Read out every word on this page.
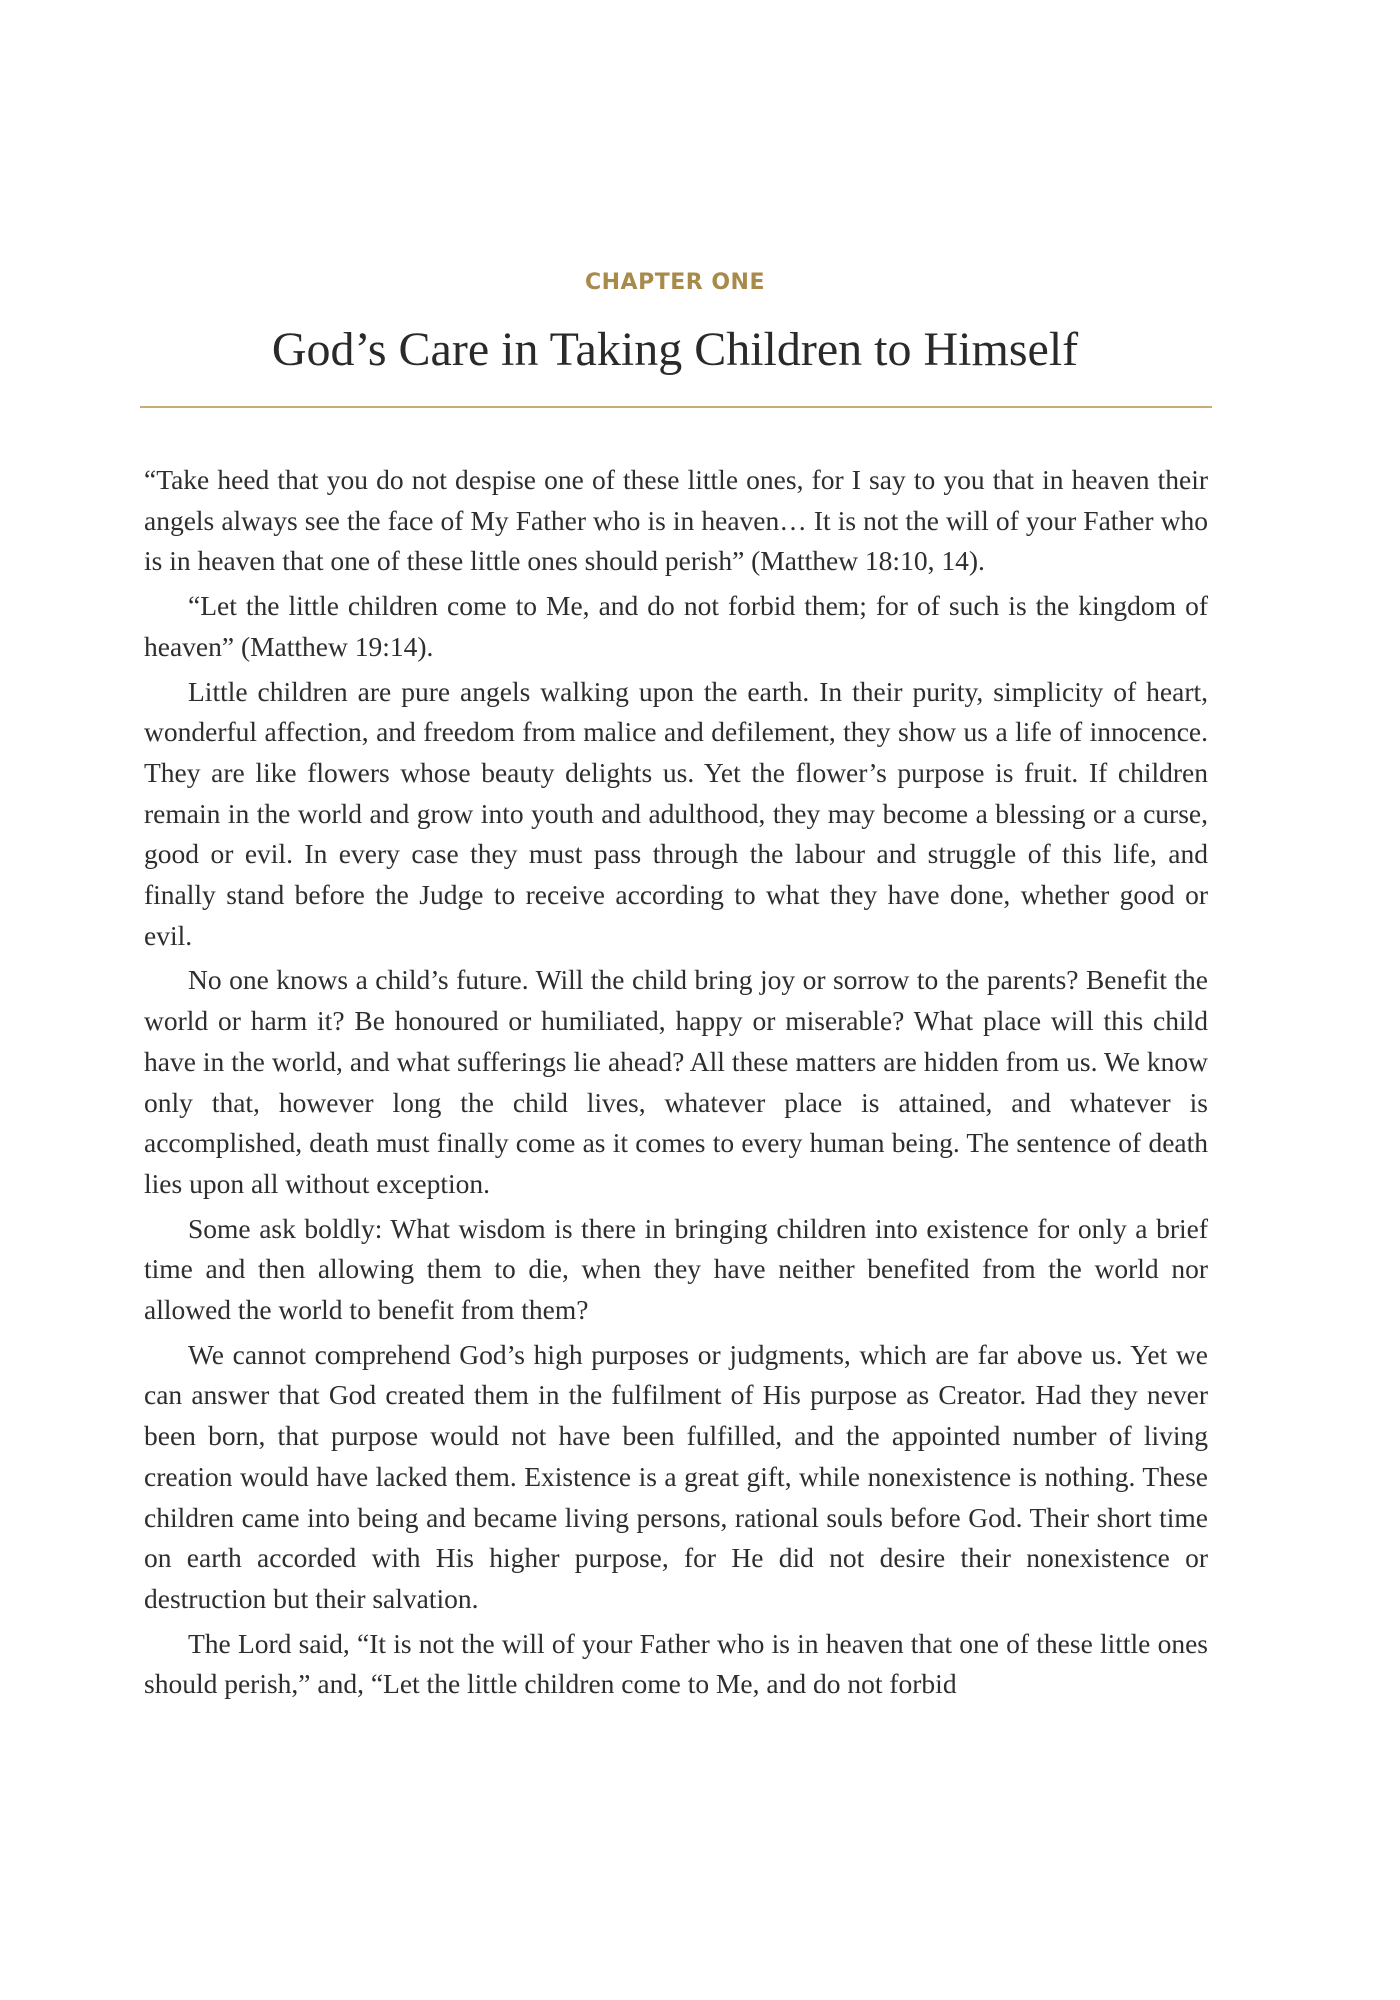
CHAPTER ONE
God’s Care in Taking Children to Himself

“Take heed that you do not despise one of these little ones, for I say to you that in heaven their angels always see the face of My Father who is in heaven… It is not the will of your Father who is in heaven that one of these little ones should perish” (Matthew 18:10, 14).

“Let the little children come to Me, and do not forbid them; for of such is the kingdom of heaven” (Matthew 19:14).

Little children are pure angels walking upon the earth. In their purity, simplicity of heart, wonderful affection, and freedom from malice and defilement, they show us a life of innocence. They are like flowers whose beauty delights us. Yet the flower’s purpose is fruit. If children remain in the world and grow into youth and adulthood, they may become a blessing or a curse, good or evil. In every case they must pass through the labour and struggle of this life, and finally stand before the Judge to receive according to what they have done, whether good or evil.

No one knows a child’s future. Will the child bring joy or sorrow to the parents? Benefit the world or harm it? Be honoured or humiliated, happy or miserable? What place will this child have in the world, and what sufferings lie ahead? All these matters are hidden from us. We know only that, however long the child lives, whatever place is attained, and whatever is accomplished, death must finally come as it comes to every human being. The sentence of death lies upon all without exception.

Some ask boldly: What wisdom is there in bringing children into existence for only a brief time and then allowing them to die, when they have neither benefited from the world nor allowed the world to benefit from them?

We cannot comprehend God’s high purposes or judgments, which are far above us. Yet we can answer that God created them in the fulfilment of His purpose as Creator. Had they never been born, that purpose would not have been fulfilled, and the appointed number of living creation would have lacked them. Existence is a great gift, while nonexistence is nothing. These children came into being and became living persons, rational souls before God. Their short time on earth accorded with His higher purpose, for He did not desire their nonexistence or destruction but their salvation.

The Lord said, “It is not the will of your Father who is in heaven that one of these little ones should perish,” and, “Let the little children come to Me, and do not forbid
